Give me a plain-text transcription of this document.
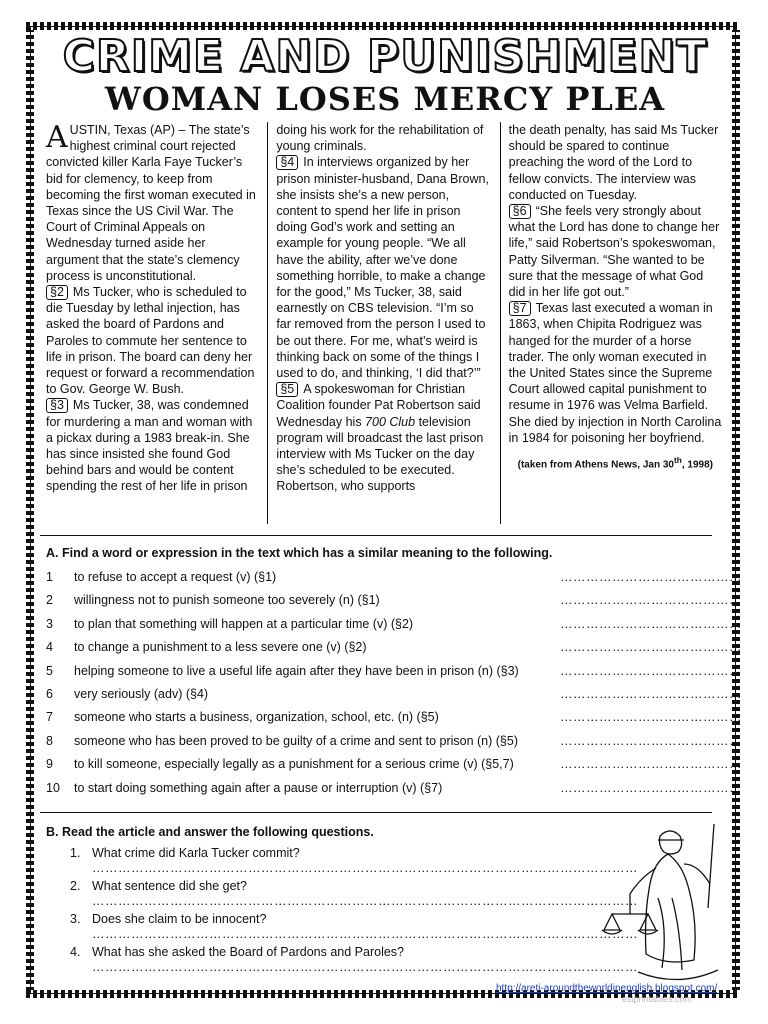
CRIME AND PUNISHMENT
WOMAN LOSES MERCY PLEA

AUSTIN, Texas (AP) – The state’s highest criminal court rejected convicted killer Karla Faye Tucker’s bid for clemency, to keep from becoming the first woman executed in Texas since the US Civil War. The Court of Criminal Appeals on Wednesday turned aside her argument that the state’s clemency process is unconstitutional.

§2 Ms Tucker, who is scheduled to die Tuesday by lethal injection, has asked the board of Pardons and Paroles to commute her sentence to life in prison. The board can deny her request or forward a recommendation to Gov. George W. Bush.

§3 Ms Tucker, 38, was condemned for murdering a man and woman with a pickax during a 1983 break-in. She has since insisted she found God behind bars and would be content spending the rest of her life in prison

doing his work for the rehabilitation of young criminals.

§4 In interviews organized by her prison minister-husband, Dana Brown, she insists she’s a new person, content to spend her life in prison doing God’s work and setting an example for young people. “We all have the ability, after we’ve done something horrible, to make a change for the good,” Ms Tucker, 38, said earnestly on CBS television. “I’m so far removed from the person I used to be out there. For me, what’s weird is thinking back on some of the things I used to do, and thinking, ‘I did that?’”

§5 A spokeswoman for Christian Coalition founder Pat Robertson said Wednesday his 700 Club television program will broadcast the last prison interview with Ms Tucker on the day she’s scheduled to be executed. Robertson, who supports

the death penalty, has said Ms Tucker should be spared to continue preaching the word of the Lord to fellow convicts. The interview was conducted on Tuesday.

§6 “She feels very strongly about what the Lord has done to change her life,” said Robertson’s spokeswoman, Patty Silverman. “She wanted to be sure that the message of what God did in her life got out.”

§7 Texas last executed a woman in 1863, when Chipita Rodriguez was hanged for the murder of a horse trader. The only woman executed in the United States since the Supreme Court allowed capital punishment to resume in 1976 was Velma Barfield. She died by injection in North Carolina in 1984 for poisoning her boyfriend.

(taken from Athens News, Jan 30th, 1998)
A. Find a word or expression in the text which has a similar meaning to the following.
1	to refuse to accept a request (v) (§1)	……………………………………
2	willingness not to punish someone too severely (n) (§1)	……………………………………
3	to plan that something will happen at a particular time (v) (§2)	……………………………………
4	to change a punishment to a less severe one (v) (§2)	……………………………………
5	helping someone to live a useful life again after they have been in prison (n) (§3)	……………………………………
6	very seriously (adv) (§4)	……………………………………
7	someone who starts a business, organization, school, etc. (n) (§5)	……………………………………
8	someone who has been proved to be guilty of a crime and sent to prison (n) (§5)	……………………………………
9	to kill someone, especially legally as a punishment for a serious crime (v) (§5,7)	……………………………………
10	to start doing something again after a pause or interruption (v) (§7)	……………………………………
B. Read the article and answer the following questions.
1. What crime did Karla Tucker commit?
………………………………………………………………………………………………………………
2. What sentence did she get?
………………………………………………………………………………………………………………
3. Does she claim to be innocent?
………………………………………………………………………………………………………………
4. What has she asked the Board of Pardons and Paroles?
………………………………………………………………………………………………………………
http://areti-aroundtheworldinenglish.blogspot.com/
eslprintables.com
